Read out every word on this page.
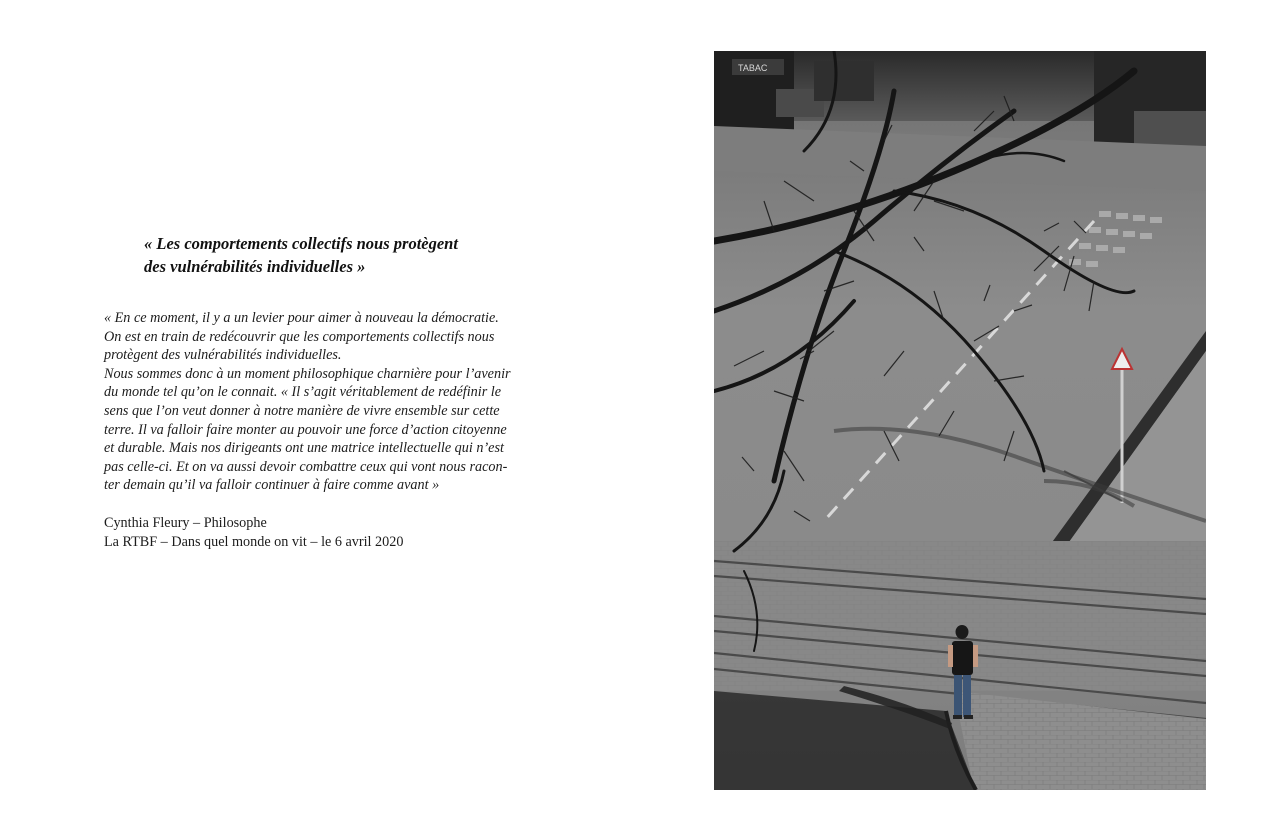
« Les comportements collectifs nous protègent
des vulnérabilités individuelles »
« En ce moment, il y a un levier pour aimer à nouveau la démocratie.
On est en train de redécouvrir que les comportements collectifs nous
protègent des vulnérabilités individuelles.
Nous sommes donc à un moment philosophique charnière pour l’avenir
du monde tel qu’on le connait. « Il s’agit véritablement de redéfinir le
sens que l’on veut donner à notre manière de vivre ensemble sur cette
terre. Il va falloir faire monter au pouvoir une force d’action citoyenne
et durable. Mais nos dirigeants ont une matrice intellectuelle qui n’est
pas celle-ci. Et on va aussi devoir combattre ceux qui vont nous racon-
ter demain qu’il va falloir continuer à faire comme avant »
Cynthia Fleury – Philosophe
La RTBF – Dans quel monde on vit – le 6 avril 2020
TABAC
